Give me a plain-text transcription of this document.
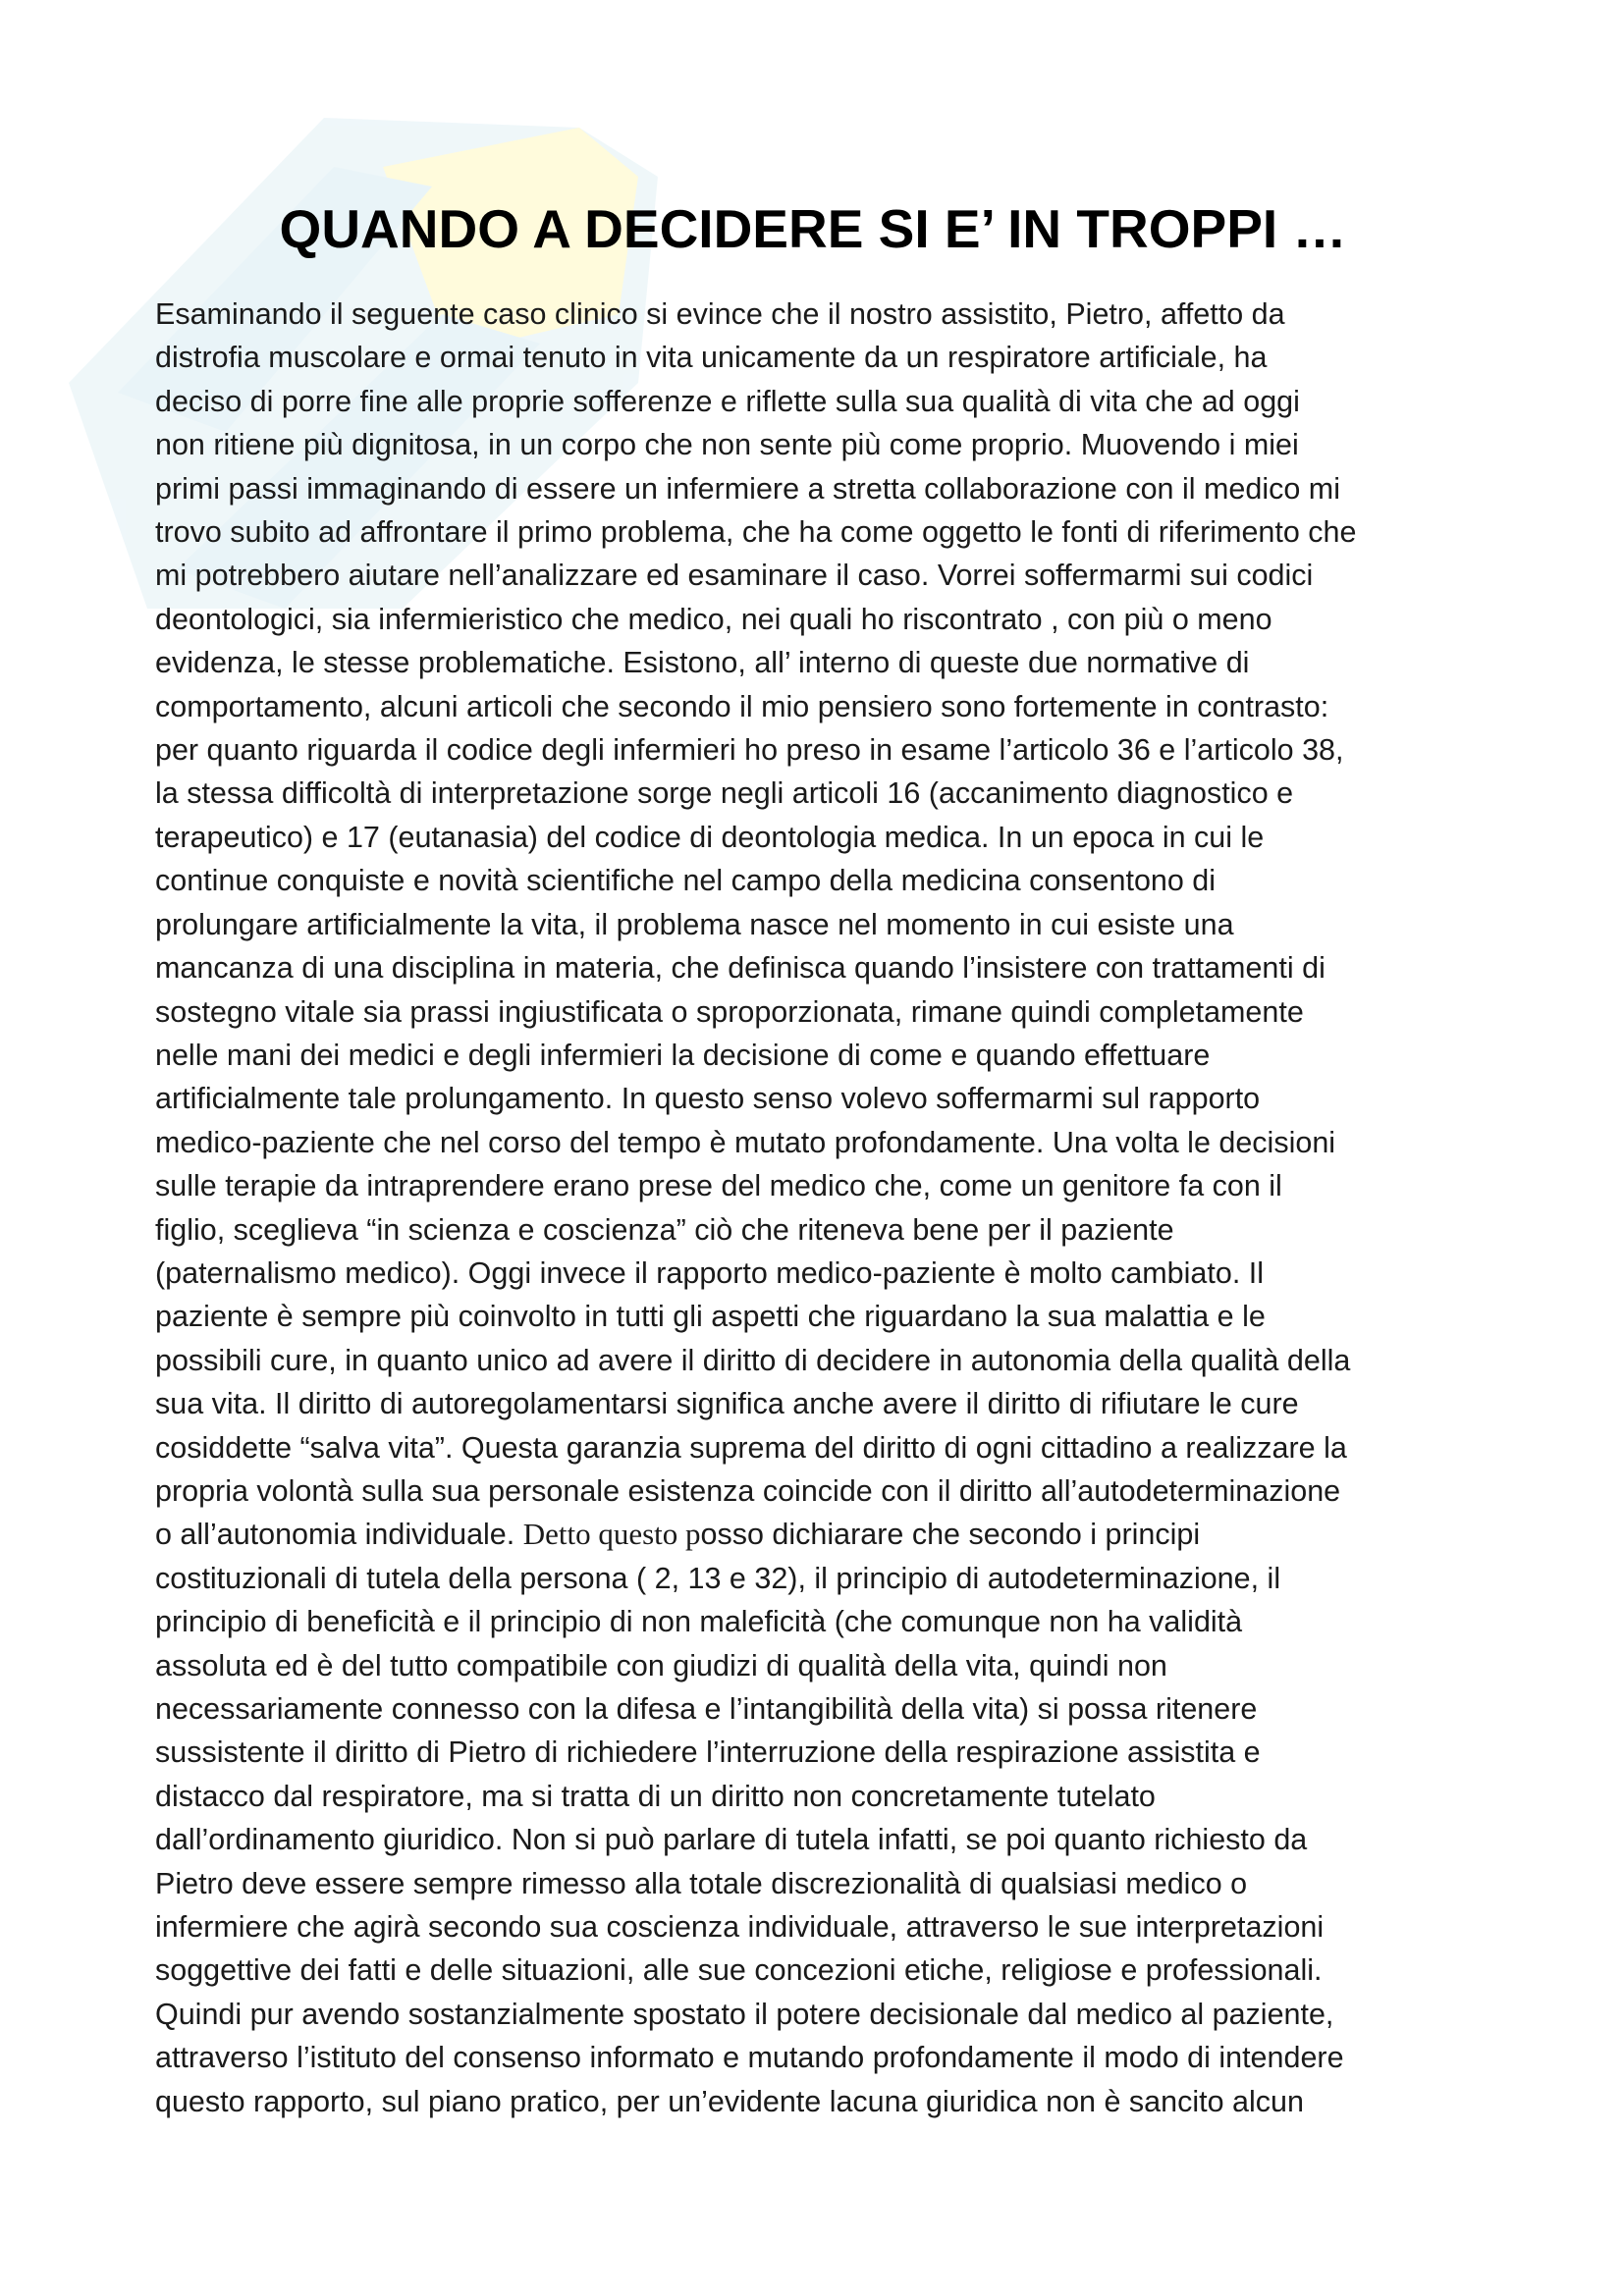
QUANDO A DECIDERE SI E’ IN TROPPI …
Esaminando il seguente caso clinico si evince che il nostro assistito, Pietro, affetto da
distrofia muscolare e ormai tenuto in vita unicamente da un respiratore artificiale, ha
deciso di porre fine alle proprie sofferenze e riflette sulla sua qualità di vita che ad oggi
non ritiene più dignitosa, in un corpo che non sente più come proprio. Muovendo i miei
primi passi immaginando di essere un infermiere a stretta collaborazione con il medico mi
trovo subito ad affrontare il primo problema, che ha come oggetto le fonti di riferimento che
mi potrebbero aiutare nell’analizzare ed esaminare il caso. Vorrei soffermarmi sui codici
deontologici, sia infermieristico che medico, nei quali ho riscontrato , con più o meno
evidenza, le stesse problematiche. Esistono, all’ interno di queste due normative di
comportamento, alcuni articoli che secondo il mio pensiero sono fortemente in contrasto:
per quanto riguarda il codice degli infermieri ho preso in esame l’articolo 36 e l’articolo 38,
la stessa difficoltà di interpretazione sorge negli articoli 16 (accanimento diagnostico e
terapeutico) e 17 (eutanasia) del codice di deontologia medica. In un epoca in cui le
continue conquiste e novità scientifiche nel campo della medicina consentono di
prolungare artificialmente la vita, il problema nasce nel momento in cui esiste una
mancanza di una disciplina in materia, che definisca quando l’insistere con trattamenti di
sostegno vitale sia prassi ingiustificata o sproporzionata, rimane quindi completamente
nelle mani dei medici e degli infermieri la decisione di come e quando effettuare
artificialmente tale prolungamento. In questo senso volevo soffermarmi sul rapporto
medico-paziente che nel corso del tempo è mutato profondamente. Una volta le decisioni
sulle terapie da intraprendere erano prese del medico che, come un genitore fa con il
figlio, sceglieva “in scienza e coscienza” ciò che riteneva bene per il paziente
(paternalismo medico). Oggi invece il rapporto medico-paziente è molto cambiato. Il
paziente è sempre più coinvolto in tutti gli aspetti che riguardano la sua malattia e le
possibili cure, in quanto unico ad avere il diritto di decidere in autonomia della qualità della
sua vita. Il diritto di autoregolamentarsi significa anche avere il diritto di rifiutare le cure
cosiddette “salva vita”. Questa garanzia suprema del diritto di ogni cittadino a realizzare la
propria volontà sulla sua personale esistenza coincide con il diritto all’autodeterminazione
o all’autonomia individuale. Detto questo posso dichiarare che secondo i principi
costituzionali di tutela della persona ( 2, 13 e 32), il principio di autodeterminazione, il
principio di beneficità e il principio di non maleficità (che comunque non ha validità
assoluta ed è del tutto compatibile con giudizi di qualità della vita, quindi non
necessariamente connesso con la difesa e l’intangibilità della vita) si possa ritenere
sussistente il diritto di Pietro di richiedere l’interruzione della respirazione assistita e
distacco dal respiratore, ma si tratta di un diritto non concretamente tutelato
dall’ordinamento giuridico. Non si può parlare di tutela infatti, se poi quanto richiesto da
Pietro deve essere sempre rimesso alla totale discrezionalità di qualsiasi medico o
infermiere che agirà secondo sua coscienza individuale, attraverso le sue interpretazioni
soggettive dei fatti e delle situazioni, alle sue concezioni etiche, religiose e professionali.
Quindi pur avendo sostanzialmente spostato il potere decisionale dal medico al paziente,
attraverso l’istituto del consenso informato e mutando profondamente il modo di intendere
questo rapporto, sul piano pratico, per un’evidente lacuna giuridica non è sancito alcun
